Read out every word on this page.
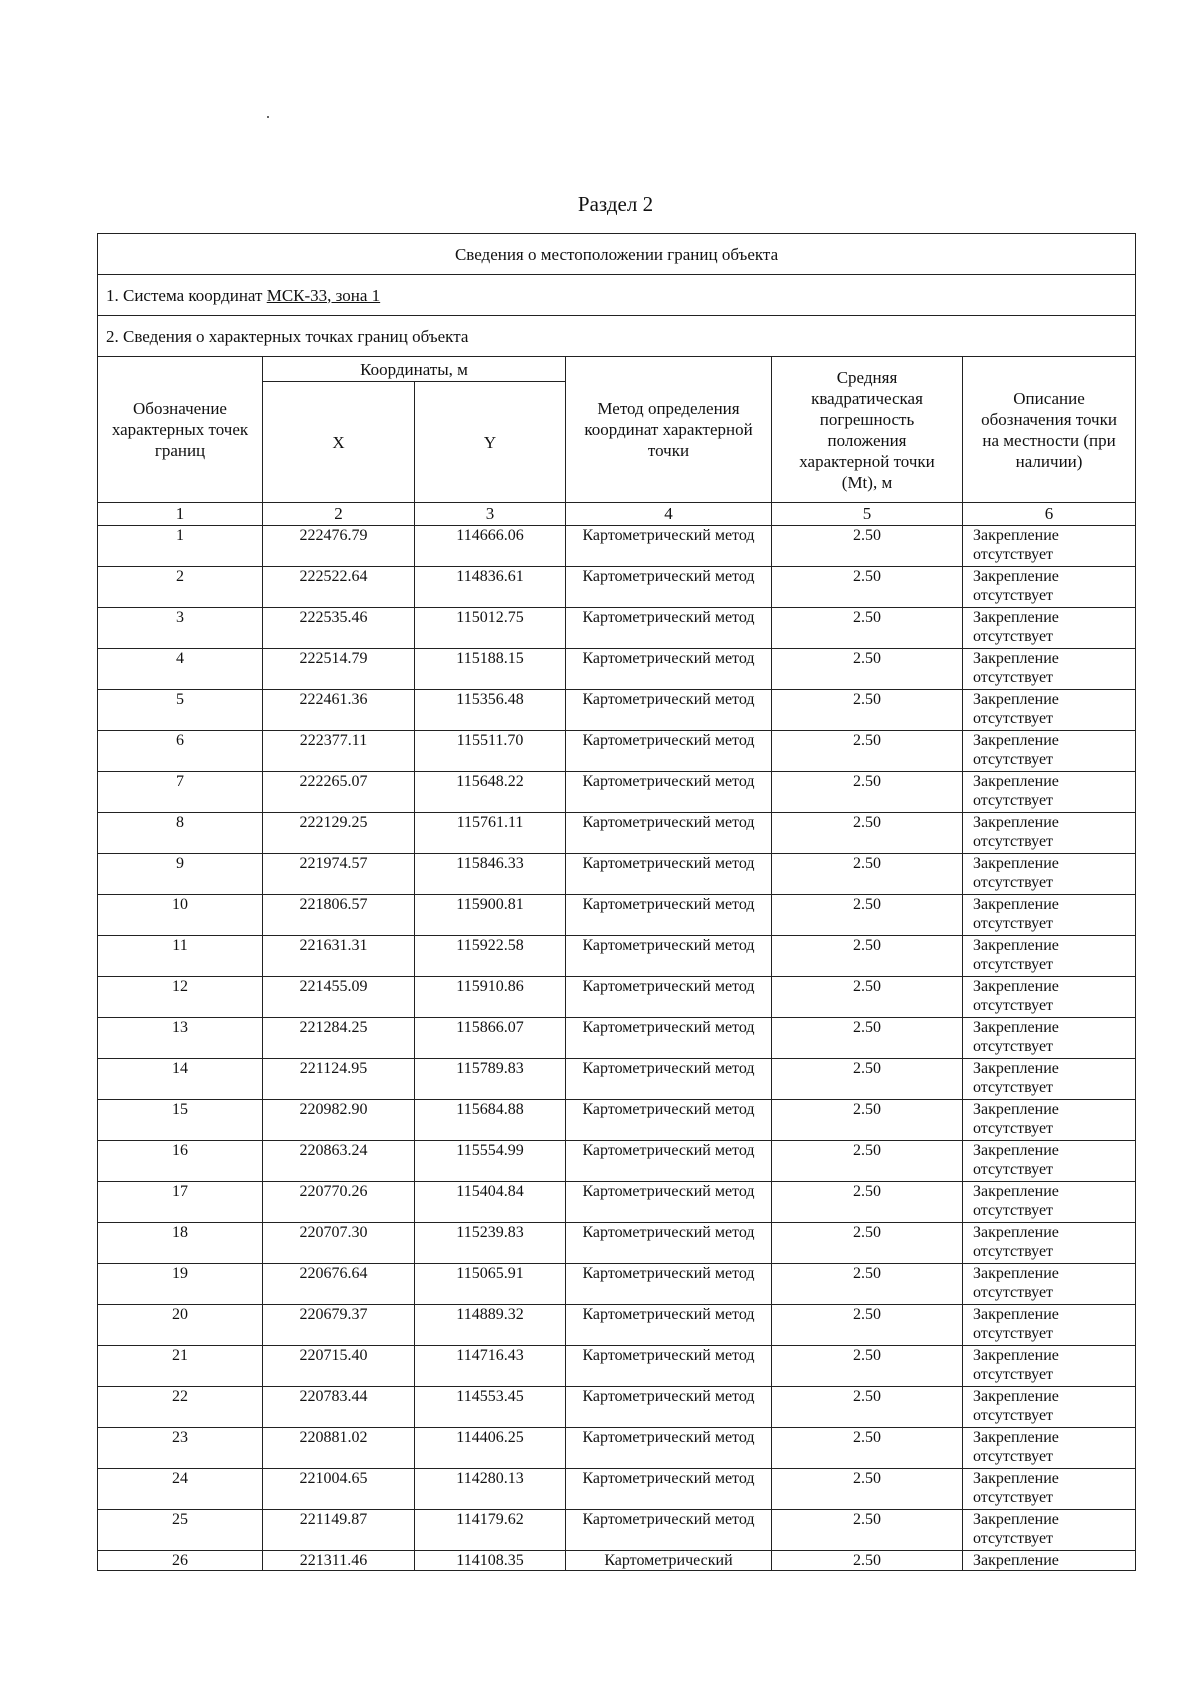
Раздел 2
Сведения о местоположении границ объекта					
1. Система координат МСК-33, зона 1					
2. Сведения о характерных точках границ объекта					
Обозначение характерных точек границ	Координаты, м		Метод определения координат характерной точки	Средняя квадратическая погрешность положения характерной точки (Mt), м	Описание обозначения точки на местности (при наличии)
	X	Y			
1	2	3	4	5	6
1	222476.79	114666.06	Картометрический метод	2.50	Закрепление отсутствует
2	222522.64	114836.61	Картометрический метод	2.50	Закрепление отсутствует
3	222535.46	115012.75	Картометрический метод	2.50	Закрепление отсутствует
4	222514.79	115188.15	Картометрический метод	2.50	Закрепление отсутствует
5	222461.36	115356.48	Картометрический метод	2.50	Закрепление отсутствует
6	222377.11	115511.70	Картометрический метод	2.50	Закрепление отсутствует
7	222265.07	115648.22	Картометрический метод	2.50	Закрепление отсутствует
8	222129.25	115761.11	Картометрический метод	2.50	Закрепление отсутствует
9	221974.57	115846.33	Картометрический метод	2.50	Закрепление отсутствует
10	221806.57	115900.81	Картометрический метод	2.50	Закрепление отсутствует
11	221631.31	115922.58	Картометрический метод	2.50	Закрепление отсутствует
12	221455.09	115910.86	Картометрический метод	2.50	Закрепление отсутствует
13	221284.25	115866.07	Картометрический метод	2.50	Закрепление отсутствует
14	221124.95	115789.83	Картометрический метод	2.50	Закрепление отсутствует
15	220982.90	115684.88	Картометрический метод	2.50	Закрепление отсутствует
16	220863.24	115554.99	Картометрический метод	2.50	Закрепление отсутствует
17	220770.26	115404.84	Картометрический метод	2.50	Закрепление отсутствует
18	220707.30	115239.83	Картометрический метод	2.50	Закрепление отсутствует
19	220676.64	115065.91	Картометрический метод	2.50	Закрепление отсутствует
20	220679.37	114889.32	Картометрический метод	2.50	Закрепление отсутствует
21	220715.40	114716.43	Картометрический метод	2.50	Закрепление отсутствует
22	220783.44	114553.45	Картометрический метод	2.50	Закрепление отсутствует
23	220881.02	114406.25	Картометрический метод	2.50	Закрепление отсутствует
24	221004.65	114280.13	Картометрический метод	2.50	Закрепление отсутствует
25	221149.87	114179.62	Картометрический метод	2.50	Закрепление отсутствует
26	221311.46	114108.35	Картометрический	2.50	Закрепление
